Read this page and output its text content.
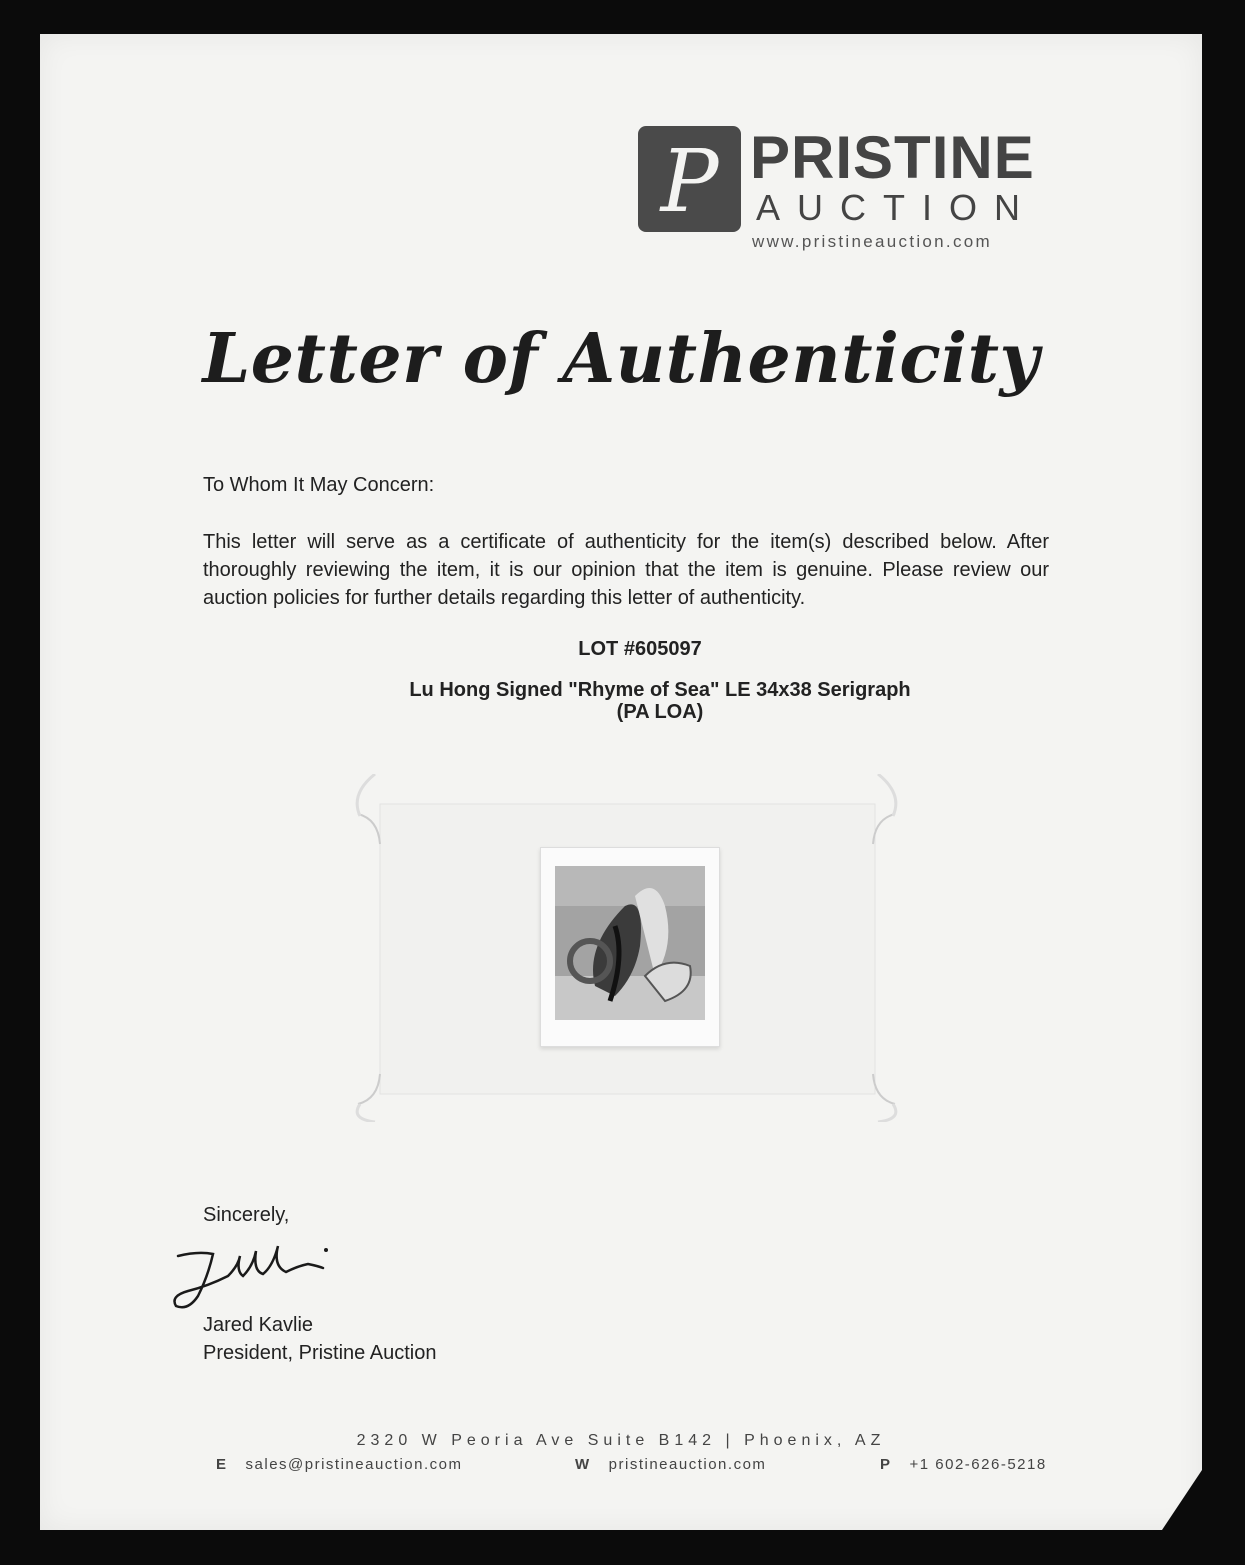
P PRISTINE
AUCTION
www.pristineauction.com
Letter of Authenticity
To Whom It May Concern:
This letter will serve as a certificate of authenticity for the item(s) described below. After thoroughly reviewing the item, it is our opinion that the item is genuine. Please review our auction policies for further details regarding this letter of authenticity.
LOT #605097
Lu Hong Signed "Rhyme of Sea" LE 34x38 Serigraph
(PA LOA)
Sincerely,
Jared Kavlie
President, Pristine Auction
2320 W Peoria Ave Suite B142 | Phoenix, AZ
E sales@pristineauction.com	W pristineauction.com	P +1 602-626-5218
